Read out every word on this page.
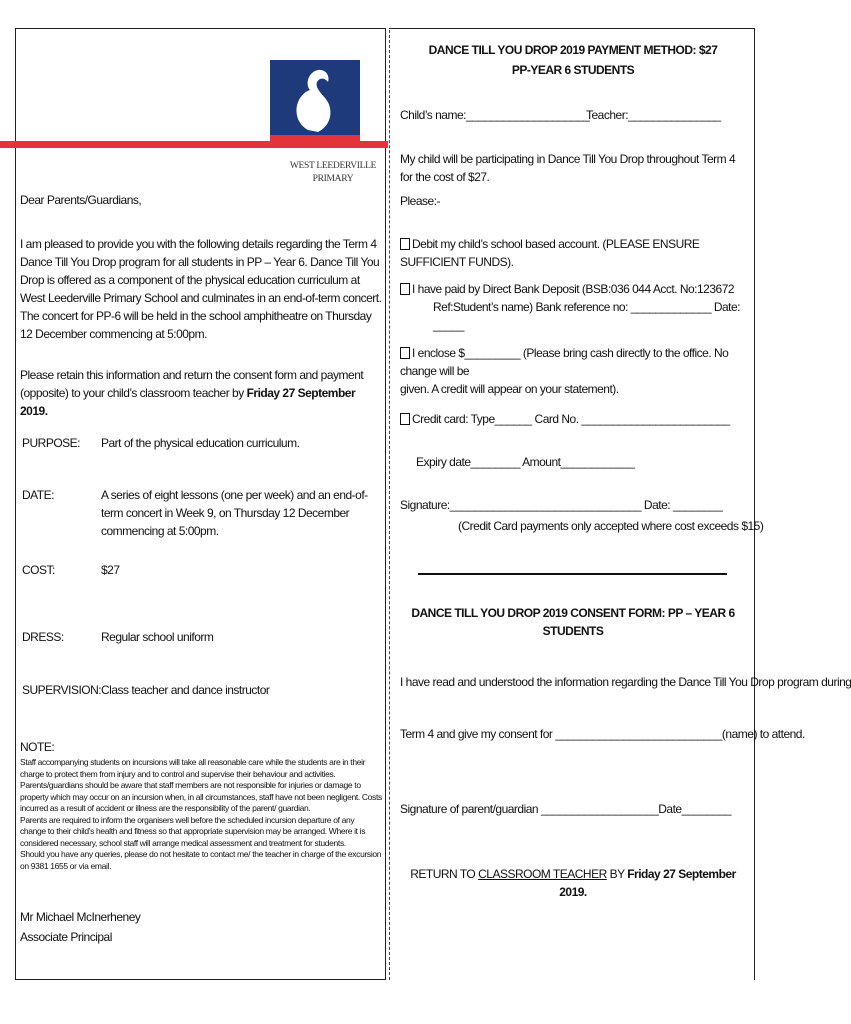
WEST LEEDERVILLE
PRIMARY
Dear Parents/Guardians,
I am pleased to provide you with the following details regarding the Term 4 Dance Till You Drop program for all students in PP – Year 6. Dance Till You Drop is offered as a component of the physical education curriculum at West Leederville Primary School and culminates in an end-of-term concert. The concert for PP-6 will be held in the school amphitheatre on Thursday 12 December commencing at 5:00pm.
Please retain this information and return the consent form and payment (opposite) to your child’s classroom teacher by Friday 27 September 2019.
PURPOSE: Part of the physical education curriculum.
DATE:	A series of eight lessons (one per week) and an end-of-term concert in Week 9, on Thursday 12 December commencing at 5:00pm.
COST:	$27
DRESS:	Regular school uniform
SUPERVISION: Class teacher and dance instructor
NOTE:
Staff accompanying students on incursions will take all reasonable care while the students are in their charge to protect them from injury and to control and supervise their behaviour and activities. Parents/guardians should be aware that staff members are not responsible for injuries or damage to property which may occur on an incursion when, in all circumstances, staff have not been negligent. Costs incurred as a result of accident or illness are the responsibility of the parent/ guardian.
Parents are required to inform the organisers well before the scheduled incursion departure of any change to their child’s health and fitness so that appropriate supervision may be arranged. Where it is considered necessary, school staff will arrange medical assessment and treatment for students.
Should you have any queries, please do not hesitate to contact me/ the teacher in charge of the excursion on 9381 1655 or via email.
Mr Michael McInerheney
Associate Principal
DANCE TILL YOU DROP 2019 PAYMENT METHOD: $27
PP-YEAR 6 STUDENTS
Child’s name:____________________
Teacher:_______________
My child will be participating in Dance Till You Drop throughout Term 4 for the cost of $27.
Please:-
Debit my child’s school based account. (PLEASE ENSURE SUFFICIENT FUNDS).
I have paid by Direct Bank Deposit (BSB:036 044 Acct. No:123672
Ref:Student’s name) Bank reference no: _____________ Date: _____
I enclose $_________ (Please bring cash directly to the office. No change will be
given. A credit will appear on your statement).
Credit card: Type______ Card No. ________________________
Expiry date________ Amount____________
Signature:_______________________________ Date: ________
(Credit Card payments only accepted where cost exceeds $15)
DANCE TILL YOU DROP 2019 CONSENT FORM: PP – YEAR 6 STUDENTS
I have read and understood the information regarding the Dance Till You Drop program during
Term 4 and give my consent for ___________________________(name) to attend.
Signature of parent/guardian ___________________Date________
RETURN TO CLASSROOM TEACHER BY Friday 27 September 2019.
